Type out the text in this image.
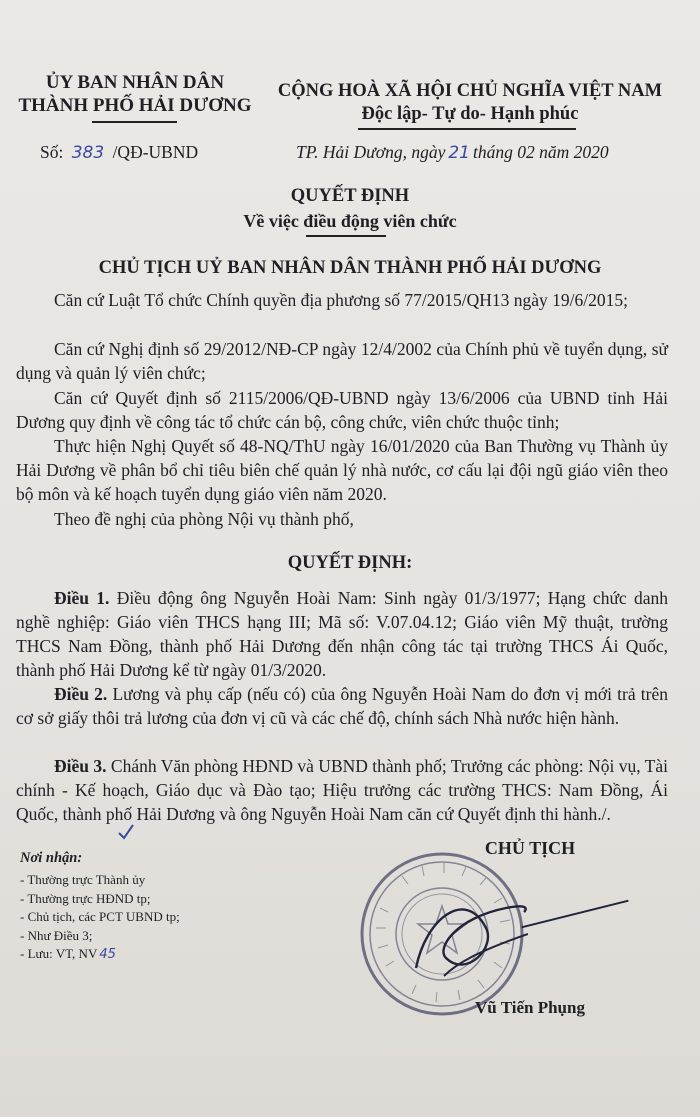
ỦY BAN NHÂN DÂN
THÀNH PHỐ HẢI DƯƠNG
CỘNG HOÀ XÃ HỘI CHỦ NGHĨA VIỆT NAM
Độc lập- Tự do- Hạnh phúc
Số: 383 /QĐ-UBND	TP. Hải Dương, ngày 21 tháng 02 năm 2020
QUYẾT ĐỊNH
Về việc điều động viên chức
CHỦ TỊCH UỶ BAN NHÂN DÂN THÀNH PHỐ HẢI DƯƠNG
Căn cứ Luật Tổ chức Chính quyền địa phương số 77/2015/QH13 ngày 19/6/2015;
Căn cứ Nghị định số 29/2012/NĐ-CP ngày 12/4/2002 của Chính phủ về tuyển dụng, sử dụng và quản lý viên chức;
Căn cứ Quyết định số 2115/2006/QĐ-UBND ngày 13/6/2006 của UBND tỉnh Hải Dương quy định về công tác tổ chức cán bộ, công chức, viên chức thuộc tỉnh;
Thực hiện Nghị Quyết số 48-NQ/ThU ngày 16/01/2020 của Ban Thường vụ Thành ủy Hải Dương về phân bổ chỉ tiêu biên chế quản lý nhà nước, cơ cấu lại đội ngũ giáo viên theo bộ môn và kế hoạch tuyển dụng giáo viên năm 2020.
Theo đề nghị của phòng Nội vụ thành phố,
QUYẾT ĐỊNH:
Điều 1. Điều động ông Nguyễn Hoài Nam: Sinh ngày 01/3/1977; Hạng chức danh nghề nghiệp: Giáo viên THCS hạng III; Mã số: V.07.04.12; Giáo viên Mỹ thuật, trường THCS Nam Đồng, thành phố Hải Dương đến nhận công tác tại trường THCS Ái Quốc, thành phố Hải Dương kể từ ngày 01/3/2020.
Điều 2. Lương và phụ cấp (nếu có) của ông Nguyễn Hoài Nam do đơn vị mới trả trên cơ sở giấy thôi trả lương của đơn vị cũ và các chế độ, chính sách Nhà nước hiện hành.
Điều 3. Chánh Văn phòng HĐND và UBND thành phố; Trưởng các phòng: Nội vụ, Tài chính - Kế hoạch, Giáo dục và Đào tạo; Hiệu trưởng các trường THCS: Nam Đồng, Ái Quốc, thành phố Hải Dương và ông Nguyễn Hoài Nam căn cứ Quyết định thi hành./.
Nơi nhận:
- Thường trực Thành ủy
- Thường trực HĐND tp;
- Chủ tịch, các PCT UBND tp;
- Như Điều 3;
- Lưu: VT, NV 45
CHỦ TỊCH
Vũ Tiến Phụng
